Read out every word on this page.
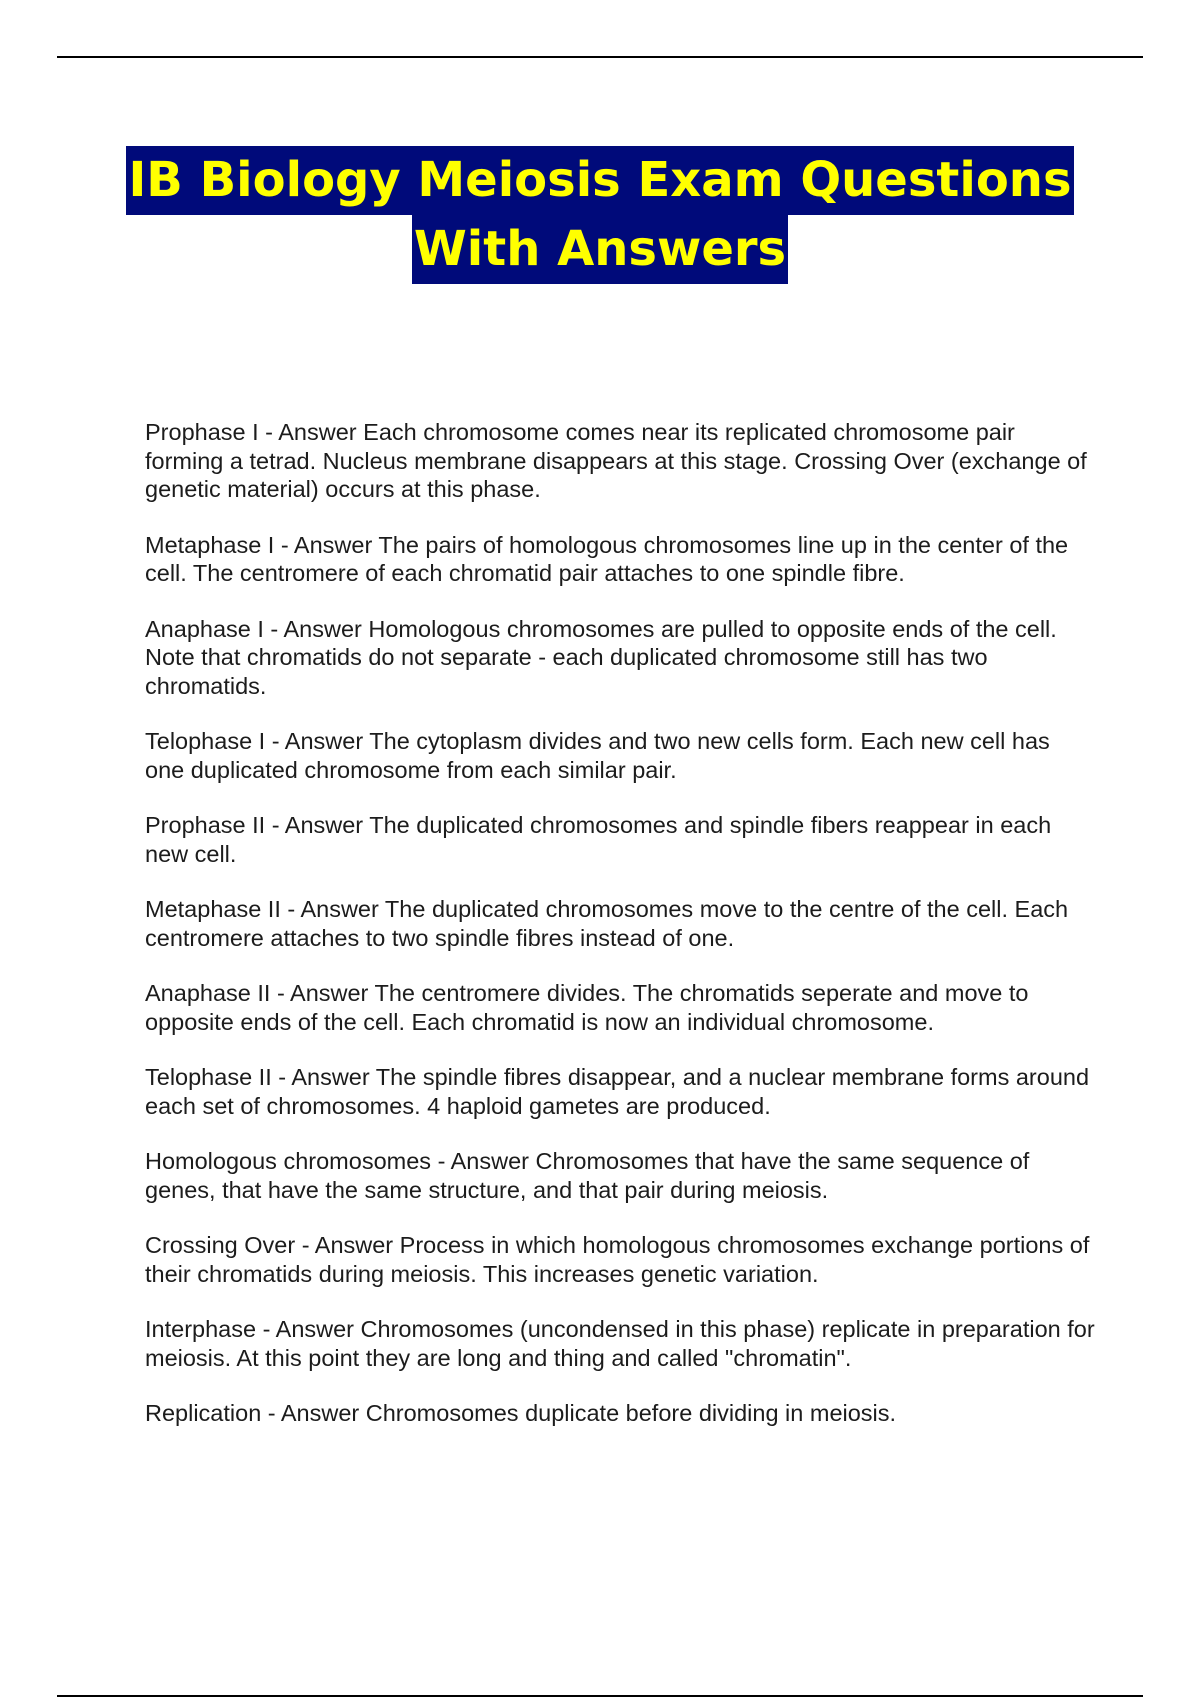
IB Biology Meiosis Exam Questions
With Answers

Prophase I - Answer Each chromosome comes near its replicated chromosome pair forming a tetrad. Nucleus membrane disappears at this stage. Crossing Over (exchange of genetic material) occurs at this phase.

Metaphase I - Answer The pairs of homologous chromosomes line up in the center of the cell. The centromere of each chromatid pair attaches to one spindle fibre.

Anaphase I - Answer Homologous chromosomes are pulled to opposite ends of the cell. Note that chromatids do not separate - each duplicated chromosome still has two chromatids.

Telophase I - Answer The cytoplasm divides and two new cells form. Each new cell has one duplicated chromosome from each similar pair.

Prophase II - Answer The duplicated chromosomes and spindle fibers reappear in each new cell.

Metaphase II - Answer The duplicated chromosomes move to the centre of the cell. Each centromere attaches to two spindle fibres instead of one.

Anaphase II - Answer The centromere divides. The chromatids seperate and move to opposite ends of the cell. Each chromatid is now an individual chromosome.

Telophase II - Answer The spindle fibres disappear, and a nuclear membrane forms around each set of chromosomes. 4 haploid gametes are produced.

Homologous chromosomes - Answer Chromosomes that have the same sequence of genes, that have the same structure, and that pair during meiosis.

Crossing Over - Answer Process in which homologous chromosomes exchange portions of their chromatids during meiosis. This increases genetic variation.

Interphase - Answer Chromosomes (uncondensed in this phase) replicate in preparation for meiosis. At this point they are long and thing and called "chromatin".

Replication - Answer Chromosomes duplicate before dividing in meiosis.
